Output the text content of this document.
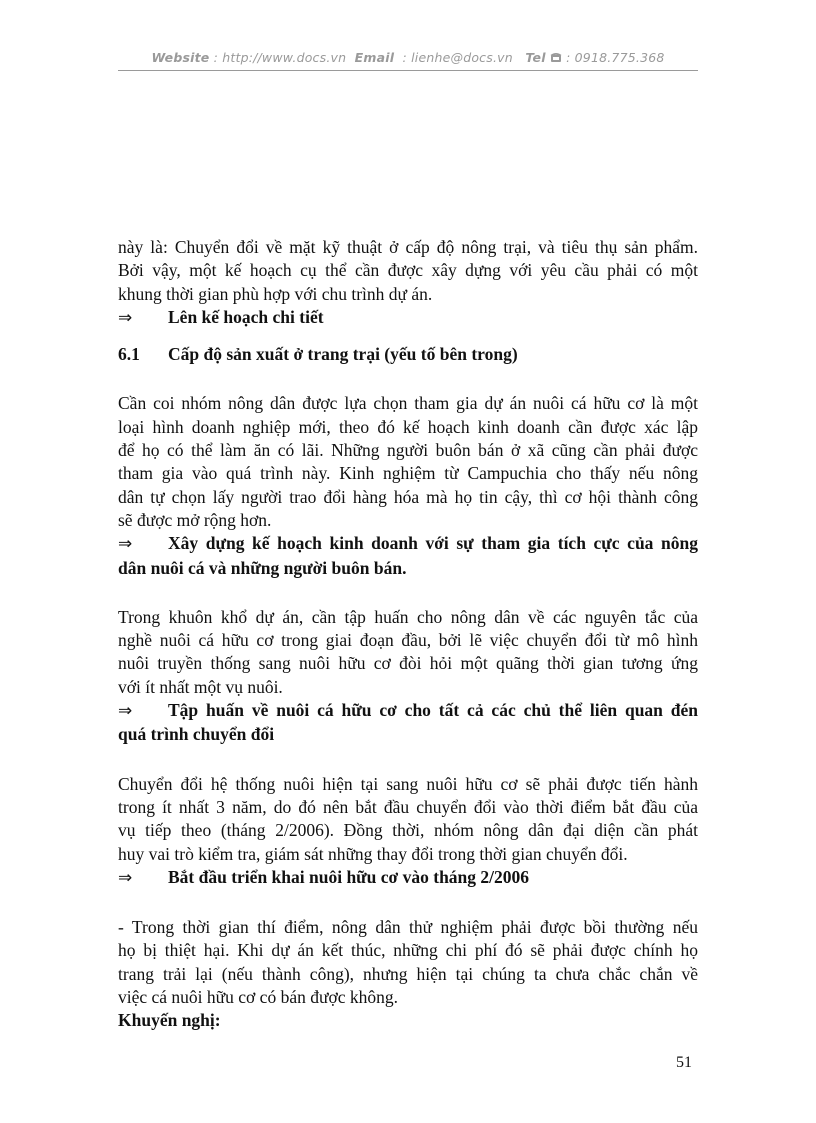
Website : http://www.docs.vn Email : lienhe@docs.vn Tel : 0918.775.368

này là: Chuyển đổi về mặt kỹ thuật ở cấp độ nông trại, và tiêu thụ sản phẩm.
Bởi vậy, một kế hoạch cụ thể cần được xây dựng với yêu cầu phải có một
khung thời gian phù hợp với chu trình dự án.

⇒ Lên kế hoạch chi tiết
6.1 Cấp độ sản xuất ở trang trại (yếu tố bên trong)

Cần coi nhóm nông dân được lựa chọn tham gia dự án nuôi cá hữu cơ là một
loại hình doanh nghiệp mới, theo đó kế hoạch kinh doanh cần được xác lập
để họ có thể làm ăn có lãi. Những người buôn bán ở xã cũng cần phải được
tham gia vào quá trình này. Kinh nghiệm từ Campuchia cho thấy nếu nông
dân tự chọn lấy người trao đổi hàng hóa mà họ tin cậy, thì cơ hội thành công
sẽ được mở rộng hơn.

⇒ Xây dựng kế hoạch kinh doanh với sự tham gia tích cực của nông
dân nuôi cá và những người buôn bán.

Trong khuôn khổ dự án, cần tập huấn cho nông dân về các nguyên tắc của
nghề nuôi cá hữu cơ trong giai đoạn đầu, bởi lẽ việc chuyển đổi từ mô hình
nuôi truyền thống sang nuôi hữu cơ đòi hỏi một quãng thời gian tương ứng
với ít nhất một vụ nuôi.

⇒ Tập huấn về nuôi cá hữu cơ cho tất cả các chủ thể liên quan đén
quá trình chuyển đổi

Chuyển đổi hệ thống nuôi hiện tại sang nuôi hữu cơ sẽ phải được tiến hành
trong ít nhất 3 năm, do đó nên bắt đầu chuyển đổi vào thời điểm bắt đầu của
vụ tiếp theo (tháng 2/2006). Đồng thời, nhóm nông dân đại diện cần phát
huy vai trò kiểm tra, giám sát những thay đổi trong thời gian chuyển đổi.

⇒ Bắt đầu triển khai nuôi hữu cơ vào tháng 2/2006

- Trong thời gian thí điểm, nông dân thử nghiệm phải được bồi thường nếu
họ bị thiệt hại. Khi dự án kết thúc, những chi phí đó sẽ phải được chính họ
trang trải lại (nếu thành công), nhưng hiện tại chúng ta chưa chắc chắn về
việc cá nuôi hữu cơ có bán được không.

Khuyến nghị:
51
